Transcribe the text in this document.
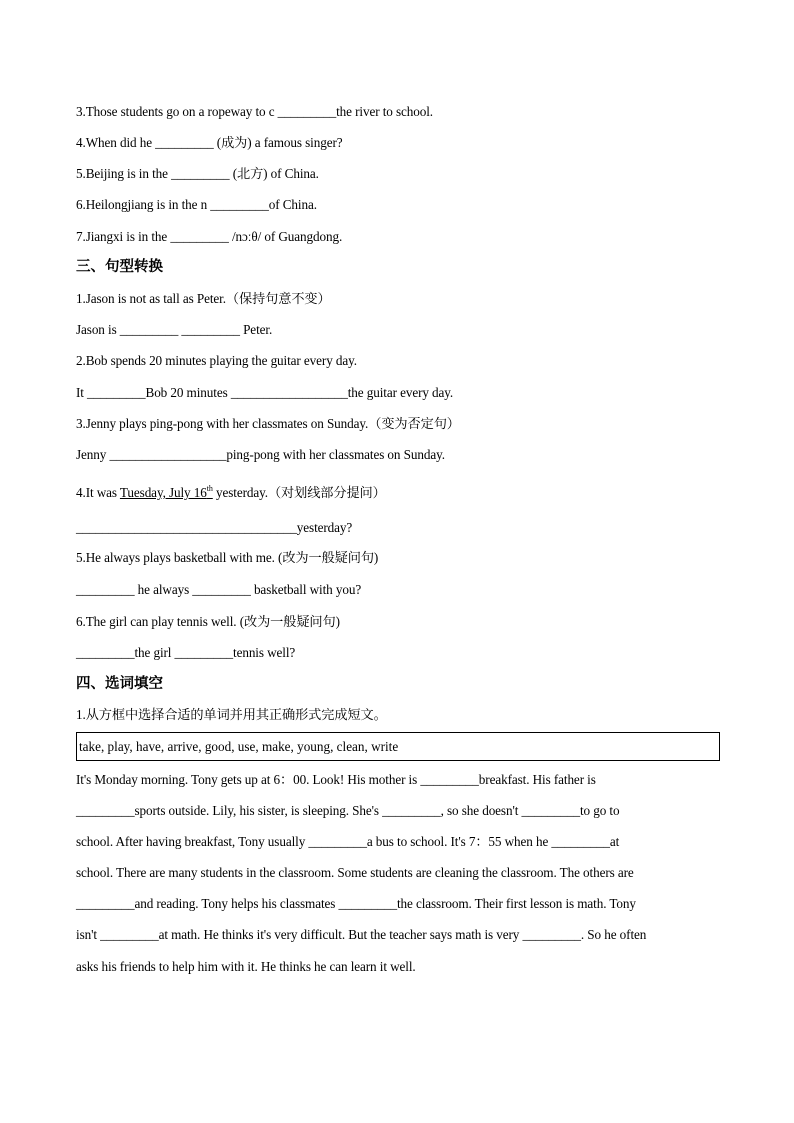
3.Those students go on a ropeway to c _________the river to school.
4.When did he _________ (成为) a famous singer?
5.Beijing is in the _________ (北方) of China.
6.Heilongjiang is in the n _________of China.
7.Jiangxi is in the _________ /nɔːθ/ of Guangdong.
三、句型转换
1.Jason is not as tall as Peter.（保持句意不变）
Jason is _________ _________ Peter.
2.Bob spends 20 minutes playing the guitar every day.
It _________Bob 20 minutes __________________the guitar every day.
3.Jenny plays ping-pong with her classmates on Sunday.（变为否定句）
Jenny __________________ping-pong with her classmates on Sunday.
4.It was Tuesday, July 16th yesterday.（对划线部分提问）
__________________________________yesterday?
5.He always plays basketball with me. (改为一般疑问句)
_________ he always _________ basketball with you?
6.The girl can play tennis well. (改为一般疑问句)
_________the girl _________tennis well?
四、选词填空
1.从方框中选择合适的单词并用其正确形式完成短文。
take, play, have, arrive, good, use, make, young, clean, write
It's Monday morning. Tony gets up at 6：00. Look! His mother is _________breakfast. His father is
_________sports outside. Lily, his sister, is sleeping. She's _________, so she doesn't _________to go to
school. After having breakfast, Tony usually _________a bus to school. It's 7：55 when he _________at
school. There are many students in the classroom. Some students are cleaning the classroom. The others are
_________and reading. Tony helps his classmates _________the classroom. Their first lesson is math. Tony
isn't _________at math. He thinks it's very difficult. But the teacher says math is very _________. So he often
asks his friends to help him with it. He thinks he can learn it well.
